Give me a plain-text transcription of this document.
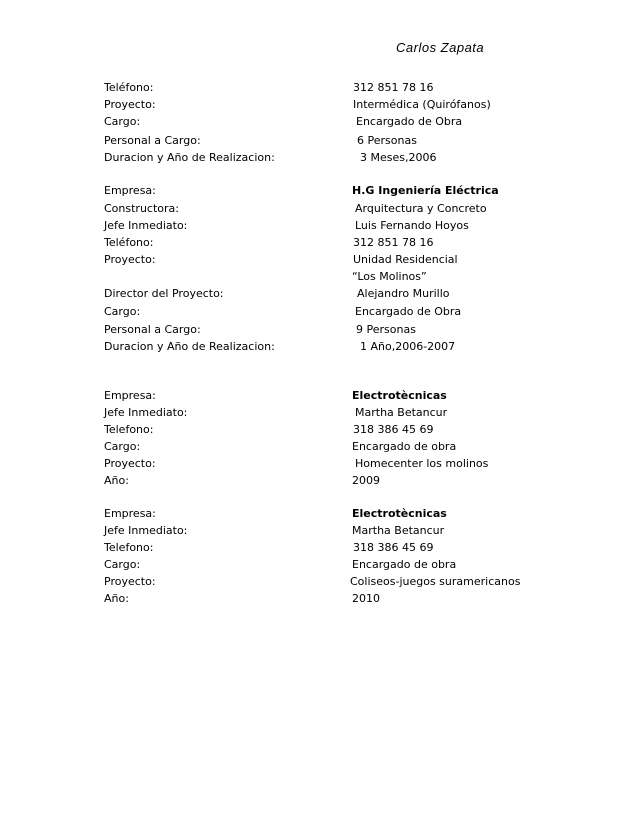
Carlos Zapata
Teléfono:	312 851 78 16
Proyecto:	Intermédica (Quirófanos)
Cargo:	Encargado de Obra
Personal a Cargo:	6 Personas
Duracion y Año de Realizacion:	3 Meses,2006
Empresa:	H.G Ingeniería Eléctrica
Constructora:	Arquitectura y Concreto
Jefe Inmediato:	Luis Fernando Hoyos
Teléfono:	312 851 78 16
Proyecto:	Unidad Residencial
“Los Molinos”
Director del Proyecto:	Alejandro Murillo
Cargo:	Encargado de Obra
Personal a Cargo:	9 Personas
Duracion y Año de Realizacion:	1 Año,2006-2007
Empresa:	Electrotècnicas
Jefe Inmediato:	Martha Betancur
Telefono:	318 386 45 69
Cargo:	Encargado de obra
Proyecto:	Homecenter los molinos
Año:	2009
Empresa:	Electrotècnicas
Jefe Inmediato:	Martha Betancur
Telefono:	318 386 45 69
Cargo:	Encargado de obra
Proyecto:	Coliseos-juegos suramericanos
Año:	2010
